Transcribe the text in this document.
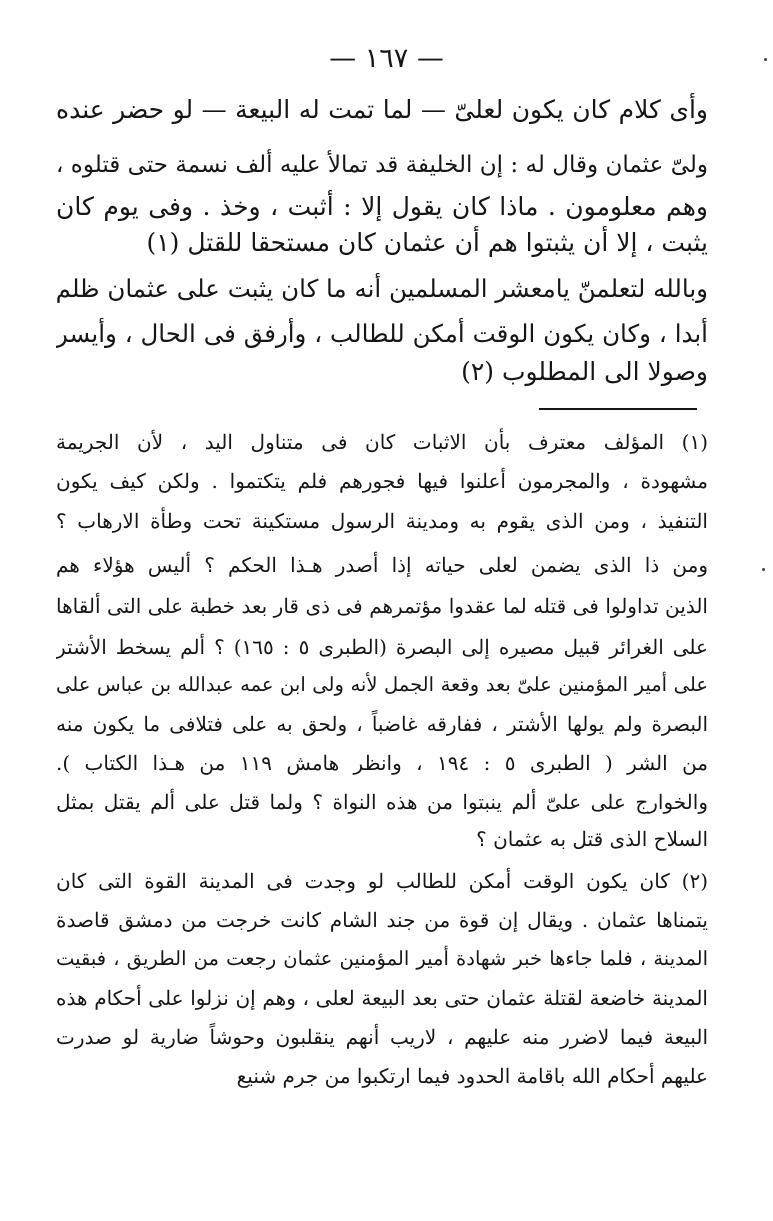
— ١٦٧ —

وأى كلام كان يكون لعلىّ — لما تمت له البيعة — لو حضر عنده

ولىّ عثمان وقال له : إن الخليفة قد تمالأ عليه ألف نسمة حتى قتلوه ،

وهم معلومون . ماذا كان يقول إلا : أثبت ، وخذ . وفى يوم كان

يثبت ، إلا أن يثبتوا هم أن عثمان كان مستحقا للقتل (١)

وبالله لتعلمنّ يامعشر المسلمين أنه ما كان يثبت على عثمان ظلم

أبدا ، وكان يكون الوقت أمكن للطالب ، وأرفق فى الحال ، وأيسر

وصولا الى المطلوب (٢)

(١) المؤلف معترف بأن الاثبات كان فى متناول اليد ، لأن الجريمة

مشهودة ، والمجرمون أعلنوا فيها فجورهم فلم يتكتموا . ولكن كيف يكون

التنفيذ ، ومن الذى يقوم به ومدينة الرسول مستكينة تحت وطأة الارهاب ؟

ومن ذا الذى يضمن لعلى حياته إذا أصدر هـذا الحكم ؟ أليس هؤلاء هم

الذين تداولوا فى قتله لما عقدوا مؤتمرهم فى ذى قار بعد خطبة على التى ألقاها

على الغرائر قبيل مصيره إلى البصرة (الطبرى ٥ : ١٦٥) ؟ ألم يسخط الأشتر

على أمير المؤمنين علىّ بعد وقعة الجمل لأنه ولى ابن عمه عبدالله بن عباس على

البصرة ولم يولها الأشتر ، ففارقه غاضباً ، ولحق به على فتلافى ما يكون منه

من الشر ( الطبرى ٥ : ١٩٤ ، وانظر هامش ١١٩ من هـذا الكتاب ).

والخوارج على علىّ ألم ينبتوا من هذه النواة ؟ ولما قتل على ألم يقتل بمثل

السلاح الذى قتل به عثمان ؟

(٢) كان يكون الوقت أمكن للطالب لو وجدت فى المدينة القوة التى كان

يتمناها عثمان . ويقال إن قوة من جند الشام كانت خرجت من دمشق قاصدة

المدينة ، فلما جاءها خبر شهادة أمير المؤمنين عثمان رجعت من الطريق ، فبقيت

المدينة خاضعة لقتلة عثمان حتى بعد البيعة لعلى ، وهم إن نزلوا على أحكام هذه

البيعة فيما لاضرر منه عليهم ، لاريب أنهم ينقلبون وحوشاً ضارية لو صدرت

عليهم أحكام الله باقامة الحدود فيما ارتكبوا من جرم شنيع
